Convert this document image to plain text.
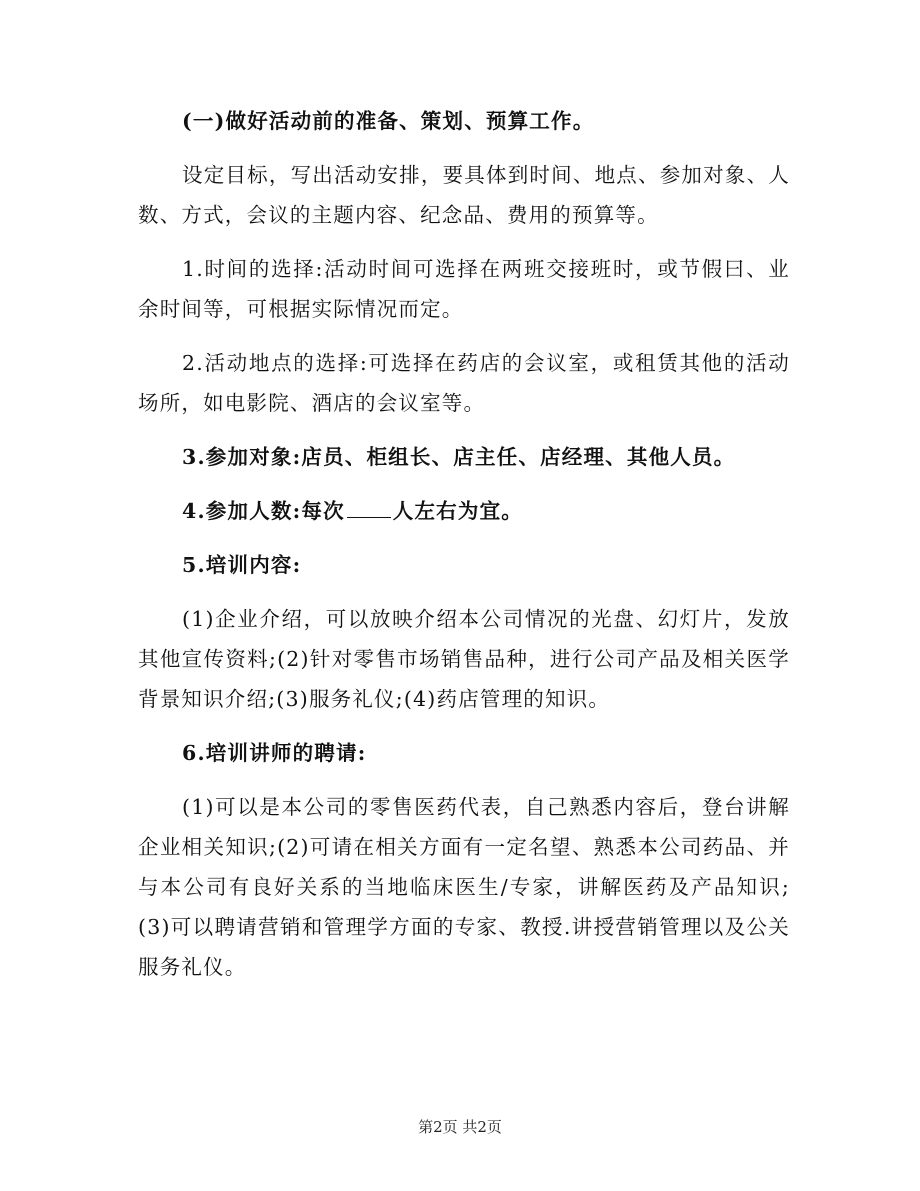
(一)做好活动前的准备、策划、预算工作。

设定目标，写出活动安排，要具体到时间、地点、参加对象、人数、方式，会议的主题内容、纪念品、费用的预算等。

1.时间的选择:活动时间可选择在两班交接班时，或节假曰、业余时间等，可根据实际情况而定。

2.活动地点的选择:可选择在药店的会议室，或租赁其他的活动场所，如电影院、酒店的会议室等。

3.参加对象:店员、柜组长、店主任、店经理、其他人员。

4.参加人数:每次 人左右为宜。

5.培训内容:

(1)企业介绍，可以放映介绍本公司情况的光盘、幻灯片，发放其他宣传资料;(2)针对零售市场销售品种，进行公司产品及相关医学背景知识介绍;(3)服务礼仪;(4)药店管理的知识。

6.培训讲师的聘请:

(1)可以是本公司的零售医药代表，自己熟悉内容后，登台讲解企业相关知识;(2)可请在相关方面有一定名望、熟悉本公司药品、并与本公司有良好关系的当地临床医生/专家，讲解医药及产品知识;(3)可以聘请营销和管理学方面的专家、教授.讲授营销管理以及公关服务礼仪。

第2页 共2页
